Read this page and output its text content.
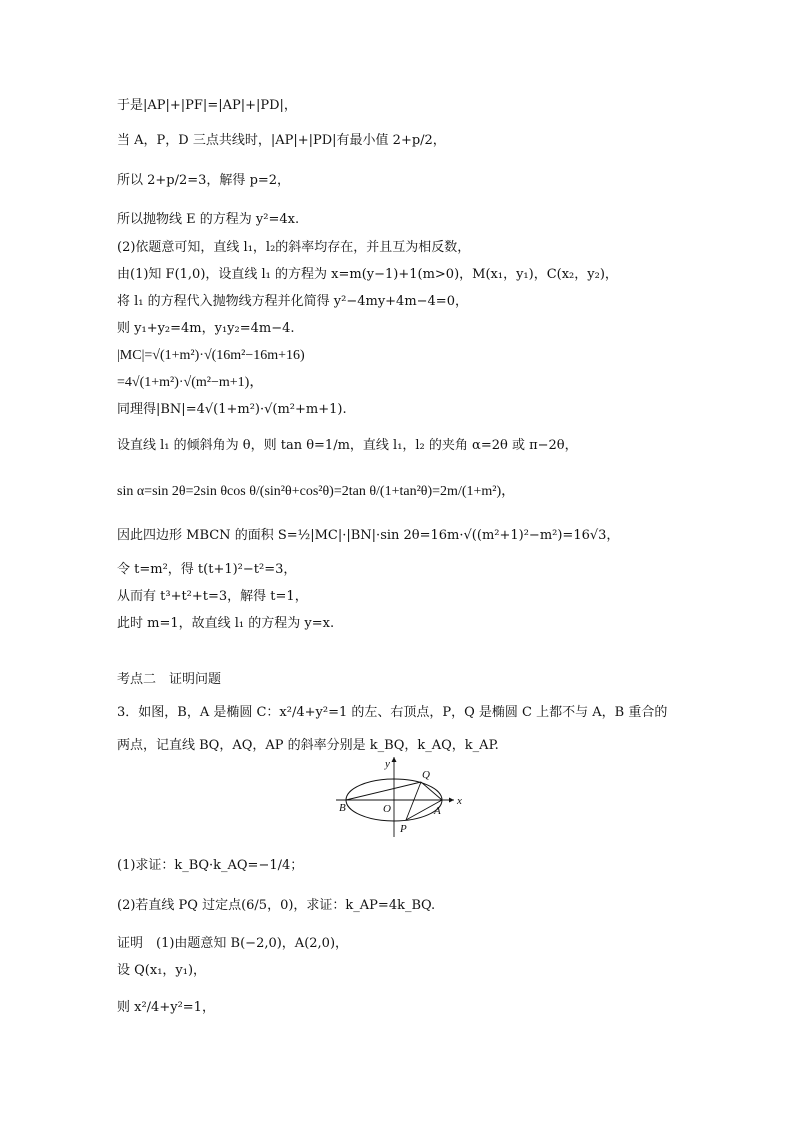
于是|AP|+|PF|=|AP|+|PD|，
当 A，P，D 三点共线时，|AP|+|PD|有最小值 2+p/2，
所以 2+p/2=3，解得 p=2，
所以抛物线 E 的方程为 y²=4x.
(2)依题意可知，直线 l₁，l₂的斜率均存在，并且互为相反数，
由(1)知 F(1,0)，设直线 l₁ 的方程为 x=m(y−1)+1(m>0)，M(x₁，y₁)，C(x₂，y₂)，
将 l₁ 的方程代入抛物线方程并化简得 y²−4my+4m−4=0，
则 y₁+y₂=4m，y₁y₂=4m−4.
|MC|=√(1+m²)·√(16m²−16m+16)
=4√(1+m²)·√(m²−m+1)，
同理得|BN|=4√(1+m²)·√(m²+m+1).
设直线 l₁ 的倾斜角为 θ，则 tan θ=1/m，直线 l₁，l₂ 的夹角 α=2θ 或 π−2θ，
sin α=sin 2θ=2sin θcos θ/(sin²θ+cos²θ)=2tan θ/(1+tan²θ)=2m/(1+m²)，
因此四边形 MBCN 的面积 S=½|MC|·|BN|·sin 2θ=16m·√((m²+1)²−m²)=16√3，
令 t=m²，得 t(t+1)²−t²=3，
从而有 t³+t²+t=3，解得 t=1，
此时 m=1，故直线 l₁ 的方程为 y=x.
考点二　证明问题
3．如图，B，A 是椭圆 C：x²/4+y²=1 的左、右顶点，P，Q 是椭圆 C 上都不与 A，B 重合的
两点，记直线 BQ，AQ，AP 的斜率分别是 k_BQ，k_AQ，k_AP.
y
x
Q
B	O	A
P
(1)求证：k_BQ·k_AQ=−1/4；
(2)若直线 PQ 过定点(6/5，0)，求证：k_AP=4k_BQ.
证明　(1)由题意知 B(−2,0)，A(2,0)，
设 Q(x₁，y₁)，
则 x²/4+y²=1，
